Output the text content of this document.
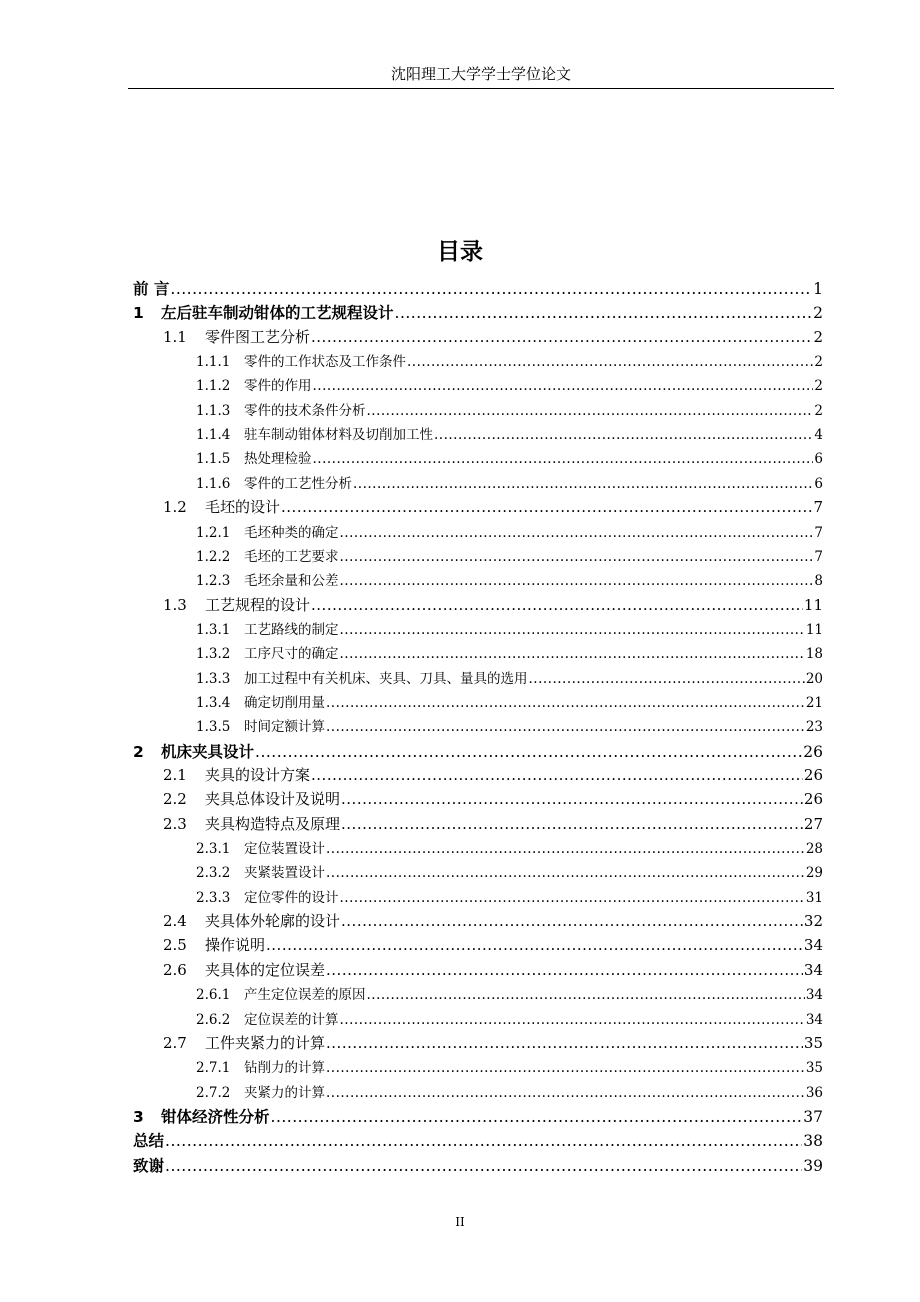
沈阳理工大学学士学位论文
目录
前 言 .....	1
1 左后驻车制动钳体的工艺规程设计 .....	2
1.1 零件图工艺分析 .....	2
1.1.1 零件的工作状态及工作条件 .....	2
1.1.2 零件的作用 .....	2
1.1.3 零件的技术条件分析 .....	2
1.1.4 驻车制动钳体材料及切削加工性 .....	4
1.1.5 热处理检验 .....	6
1.1.6 零件的工艺性分析 .....	6
1.2 毛坯的设计 .....	7
1.2.1 毛坯种类的确定 .....	7
1.2.2 毛坯的工艺要求 .....	7
1.2.3 毛坯余量和公差 .....	8
1.3 工艺规程的设计 .....	11
1.3.1 工艺路线的制定 .....	11
1.3.2 工序尺寸的确定 .....	18
1.3.3 加工过程中有关机床、夹具、刀具、量具的选用 .....	20
1.3.4 确定切削用量 .....	21
1.3.5 时间定额计算 .....	23
2 机床夹具设计 .....	26
2.1 夹具的设计方案 .....	26
2.2 夹具总体设计及说明 .....	26
2.3 夹具构造特点及原理 .....	27
2.3.1 定位装置设计 .....	28
2.3.2 夹紧装置设计 .....	29
2.3.3 定位零件的设计 .....	31
2.4 夹具体外轮廓的设计 .....	32
2.5 操作说明 .....	34
2.6 夹具体的定位误差 .....	34
2.6.1 产生定位误差的原因 .....	34
2.6.2 定位误差的计算 .....	34
2.7 工件夹紧力的计算 .....	35
2.7.1 钻削力的计算 .....	35
2.7.2 夹紧力的计算 .....	36
3 钳体经济性分析 .....	37
总结 .....	38
致谢 .....	39
II
